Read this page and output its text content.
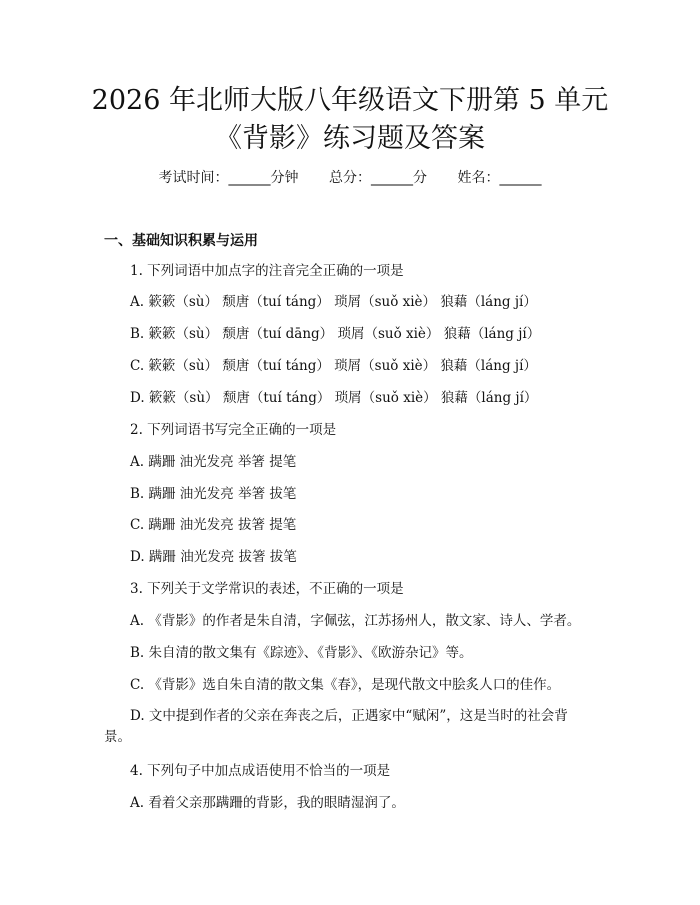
2026 年北师大版八年级语文下册第 5 单元
《背影》练习题及答案
考试时间：______分钟 总分：______分 姓名：______
一、基础知识积累与运用
1. 下列词语中加点字的注音完全正确的一项是
A. 簌簌（sù） 颓唐（tuí táng） 琐屑（suǒ xiè） 狼藉（láng jí）
B. 簌簌（sù） 颓唐（tuí dāng） 琐屑（suǒ xiè） 狼藉（láng jí）
C. 簌簌（sù） 颓唐（tuí táng） 琐屑（suǒ xiè） 狼藉（láng jí）
D. 簌簌（sù） 颓唐（tuí táng） 琐屑（suǒ xiè） 狼藉（láng jí）
2. 下列词语书写完全正确的一项是
A. 蹒跚 油光发亮 举箸 提笔
B. 蹒跚 油光发亮 举箸 拔笔
C. 蹒跚 油光发亮 拔箸 提笔
D. 蹒跚 油光发亮 拔箸 拔笔
3. 下列关于文学常识的表述，不正确的一项是
A. 《背影》的作者是朱自清，字佩弦，江苏扬州人，散文家、诗人、学者。
B. 朱自清的散文集有《踪迹》、《背影》、《欧游杂记》等。
C. 《背影》选自朱自清的散文集《春》，是现代散文中脍炙人口的佳作。
D. 文中提到作者的父亲在奔丧之后，正遇家中“赋闲”，这是当时的社会背景。
4. 下列句子中加点成语使用不恰当的一项是
A. 看着父亲那蹒跚的背影，我的眼睛湿润了。
